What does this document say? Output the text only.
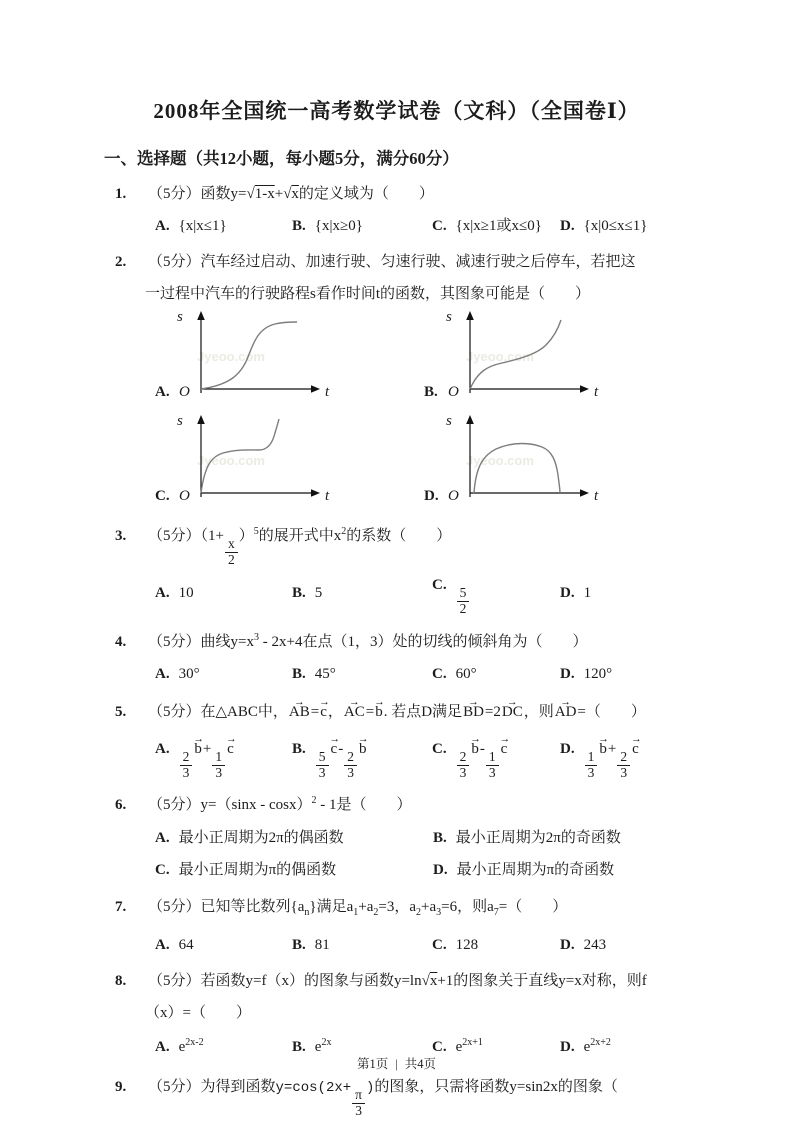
2008年全国统一高考数学试卷（文科）（全国卷Ⅰ）
一、选择题（共12小题，每小题5分，满分60分）
1. （5分）函数y=√1-x+√x的定义域为（　　）
A. {x|x≤1}	B. {x|x≥0}	C. {x|x≥1或x≤0}	D. {x|0≤x≤1}
2. （5分）汽车经过启动、加速行驶、匀速行驶、减速行驶之后停车，若把这
一过程中汽车的行驶路程s看作时间t的函数，其图象可能是（　　）
A. O
s
t
Jyeoo.com
B. O
s
t
Jyeoo.com
C. O
s
t
Jyeoo.com
D. O
s
t
Jyeoo.com
3. （5分）（1+
$\frac{x}{2}$
）$^5$的展开式中$x^2$的系数（　　）
A. 10	B. 5
C.
$\frac{5}{2}$	D. 1
4. （5分）曲线$y=x^3 - 2x+4$在点（1，3）处的切线的倾斜角为（　　）
A. 30°	B. 45°	C. 60°	D. 120°
5. （5分）在△ABC中，AB →=c →，AC →=b →. 若点D满足BD →=2DC →，则AD →=（　　）
A.
$\frac{2}{3}$
b →+
$\frac{1}{3}$
c →	B.
$\frac{5}{3}$
c →-
$\frac{2}{3}$
b →	C.
$\frac{2}{3}$
b →-
$\frac{1}{3}$
c →	D.
$\frac{1}{3}$
b →+
$\frac{2}{3}$
c →
6. （5分）y=（sinx - cosx）$^2$ - 1是（　　）
A. 最小正周期为2π的偶函数	B. 最小正周期为2π的奇函数
C. 最小正周期为π的偶函数	D. 最小正周期为π的奇函数
7. （5分）已知等比数列$\{a_n\}$满足$a_1+a_2=3$，$a_2+a_3=6$，则$a_7=$（　　）
A. 64	B. 81	C. 128	D. 243
8. （5分）若函数y=f（x）的图象与函数y=ln√x+1的图象关于直线y=x对称，则f
（x）=（　　）
A. $e^{2x-2}$	B. $e^{2x}$	C. $e^{2x+1}$	D. $e^{2x+2}$
9. （5分）为得到函数y=cos(2x+
$\frac{\pi}{3}$
)的图象，只需将函数y=sin2x的图象（
第1页 | 共4页
